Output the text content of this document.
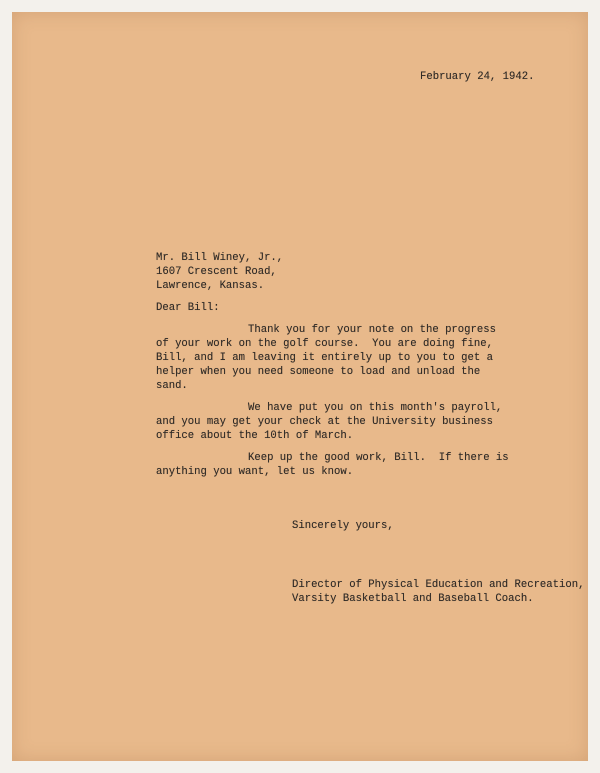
February 24, 1942.
Mr. Bill Winey, Jr.,
1607 Crescent Road,
Lawrence, Kansas.
Dear Bill:
Thank you for your note on the progress
of your work on the golf course.  You are doing fine,
Bill, and I am leaving it entirely up to you to get a
helper when you need someone to load and unload the
sand.
We have put you on this month's payroll,
and you may get your check at the University business
office about the 10th of March.
Keep up the good work, Bill.  If there is
anything you want, let us know.
Sincerely yours,
Director of Physical Education and Recreation,
Varsity Basketball and Baseball Coach.
